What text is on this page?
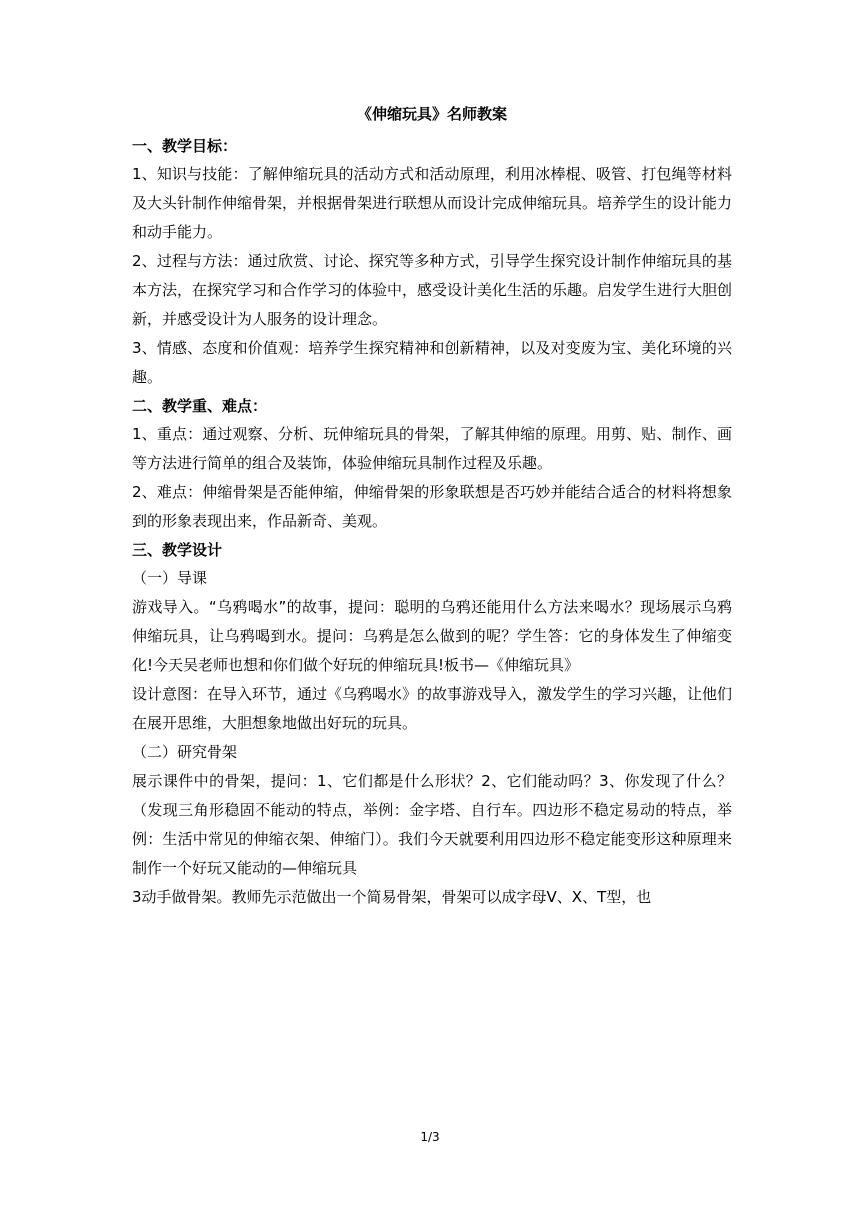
《伸缩玩具》名师教案
一、教学目标：

1、知识与技能：了解伸缩玩具的活动方式和活动原理，利用冰棒棍、吸管、打包绳等材料及大头针制作伸缩骨架，并根据骨架进行联想从而设计完成伸缩玩具。培养学生的设计能力和动手能力。

2、过程与方法：通过欣赏、讨论、探究等多种方式，引导学生探究设计制作伸缩玩具的基本方法，在探究学习和合作学习的体验中，感受设计美化生活的乐趣。启发学生进行大胆创新，并感受设计为人服务的设计理念。

3、情感、态度和价值观：培养学生探究精神和创新精神，以及对变废为宝、美化环境的兴趣。

二、教学重、难点：

1、重点：通过观察、分析、玩伸缩玩具的骨架，了解其伸缩的原理。用剪、贴、制作、画等方法进行简单的组合及装饰，体验伸缩玩具制作过程及乐趣。

2、难点：伸缩骨架是否能伸缩，伸缩骨架的形象联想是否巧妙并能结合适合的材料将想象到的形象表现出来，作品新奇、美观。

三、教学设计
（一）导课

游戏导入。“乌鸦喝水”的故事，提问：聪明的乌鸦还能用什么方法来喝水？现场展示乌鸦伸缩玩具，让乌鸦喝到水。提问：乌鸦是怎么做到的呢？学生答：它的身体发生了伸缩变化!今天吴老师也想和你们做个好玩的伸缩玩具!板书—《伸缩玩具》

设计意图：在导入环节，通过《乌鸦喝水》的故事游戏导入，激发学生的学习兴趣，让他们在展开思维，大胆想象地做出好玩的玩具。

（二）研究骨架

展示课件中的骨架，提问：1、它们都是什么形状？2、它们能动吗？3、你发现了什么？（发现三角形稳固不能动的特点，举例：金字塔、自行车。四边形不稳定易动的特点，举例：生活中常见的伸缩衣架、伸缩门）。我们今天就要利用四边形不稳定能变形这种原理来制作一个好玩又能动的—伸缩玩具

3动手做骨架。教师先示范做出一个简易骨架，骨架可以成字母V、X、T型，也

1/3
